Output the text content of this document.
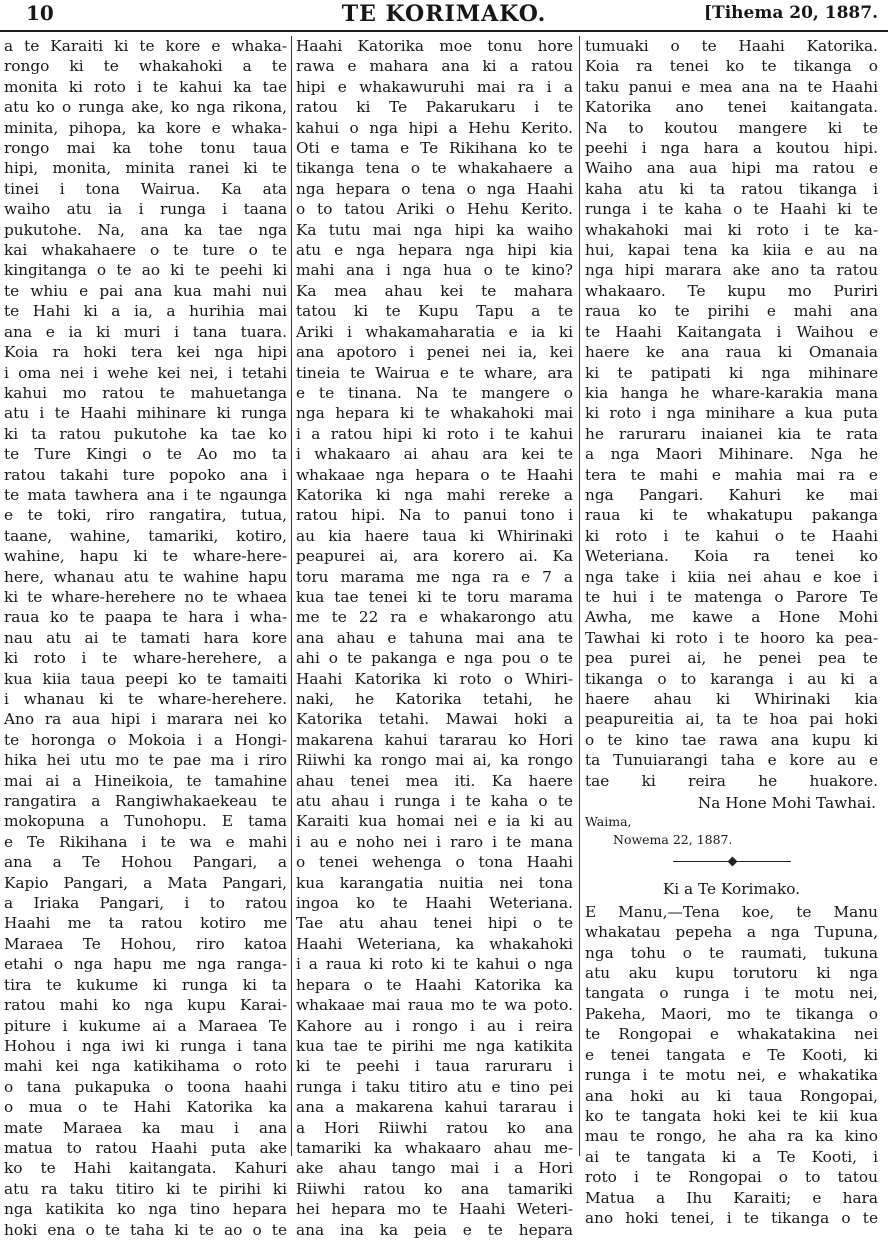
10	TE KORIMAKO.	[Tihema 20, 1887.
a te Karaiti ki te kore e whaka-
rongo ki te whakahoki a te
monita ki roto i te kahui ka tae
atu ko o runga ake, ko nga rikona,
minita, pihopa, ka kore e whaka-
rongo mai ka tohe tonu taua
hipi, monita, minita ranei ki te
tinei i tona Wairua. Ka ata
waiho atu ia i runga i taana
pukutohe. Na, ana ka tae nga
kai whakahaere o te ture o te
kingitanga o te ao ki te peehi ki
te whiu e pai ana kua mahi nui
te Hahi ki a ia, a hurihia mai
ana e ia ki muri i tana tuara.
Koia ra hoki tera kei nga hipi
i oma nei i wehe kei nei, i tetahi
kahui mo ratou te mahuetanga
atu i te Haahi mihinare ki runga
ki ta ratou pukutohe ka tae ko
te Ture Kingi o te Ao mo ta
ratou takahi ture popoko ana i
te mata tawhera ana i te ngaunga
e te toki, riro rangatira, tutua,
taane, wahine, tamariki, kotiro,
wahine, hapu ki te whare-here-
here, whanau atu te wahine hapu
ki te whare-herehere no te whaea
raua ko te paapa te hara i wha-
nau atu ai te tamati hara kore
ki roto i te whare-herehere, a
kua kiia taua peepi ko te tamaiti
i whanau ki te whare-herehere.
Ano ra aua hipi i marara nei ko
te horonga o Mokoia i a Hongi-
hika hei utu mo te pae ma i riro
mai ai a Hineikoia, te tamahine
rangatira a Rangiwhakaekeau te
mokopuna a Tunohopu. E tama
e Te Rikihana i te wa e mahi
ana a Te Hohou Pangari, a
Kapio Pangari, a Mata Pangari,
a Iriaka Pangari, i to ratou
Haahi me ta ratou kotiro me
Maraea Te Hohou, riro katoa
etahi o nga hapu me nga ranga-
tira te kukume ki runga ki ta
ratou mahi ko nga kupu Karai-
piture i kukume ai a Maraea Te
Hohou i nga iwi ki runga i tana
mahi kei nga katikihama o roto
o tana pukapuka o toona haahi
o mua o te Hahi Katorika ka
mate Maraea ka mau i ana
matua to ratou Haahi puta ake
ko te Hahi kaitangata. Kahuri
atu ra taku titiro ki te pirihi ki
nga katikita ko nga tino hepara
hoki ena o te taha ki te ao o te
Haahi Katorika moe tonu hore
rawa e mahara ana ki a ratou
hipi e whakawuruhi mai ra i a
ratou ki Te Pakarukaru i te
kahui o nga hipi a Hehu Kerito.
Oti e tama e Te Rikihana ko te
tikanga tena o te whakahaere a
nga hepara o tena o nga Haahi
o to tatou Ariki o Hehu Kerito.
Ka tutu mai nga hipi ka waiho
atu e nga hepara nga hipi kia
mahi ana i nga hua o te kino?
Ka mea ahau kei te mahara
tatou ki te Kupu Tapu a te
Ariki i whakamaharatia e ia ki
ana apotoro i penei nei ia, kei
tineia te Wairua e te whare, ara
e te tinana. Na te mangere o
nga hepara ki te whakahoki mai
i a ratou hipi ki roto i te kahui
i whakaaro ai ahau ara kei te
whakaae nga hepara o te Haahi
Katorika ki nga mahi rereke a
ratou hipi. Na to panui tono i
au kia haere taua ki Whirinaki
peapurei ai, ara korero ai. Ka
toru marama me nga ra e 7 a
kua tae tenei ki te toru marama
me te 22 ra e whakarongo atu
ana ahau e tahuna mai ana te
ahi o te pakanga e nga pou o te
Haahi Katorika ki roto o Whiri-
naki, he Katorika tetahi, he
Katorika tetahi. Mawai hoki a
makarena kahui tararau ko Hori
Riiwhi ka rongo mai ai, ka rongo
ahau tenei mea iti. Ka haere
atu ahau i runga i te kaha o te
Karaiti kua homai nei e ia ki au
i au e noho nei i raro i te mana
o tenei wehenga o tona Haahi
kua karangatia nuitia nei tona
ingoa ko te Haahi Weteriana.
Tae atu ahau tenei hipi o te
Haahi Weteriana, ka whakahoki
i a raua ki roto ki te kahui o nga
hepara o te Haahi Katorika ka
whakaae mai raua mo te wa poto.
Kahore au i rongo i au i reira
kua tae te pirihi me nga katikita
ki te peehi i taua raruraru i
runga i taku titiro atu e tino pei
ana a makarena kahui tararau i
a Hori Riiwhi ratou ko ana
tamariki ka whakaaro ahau me-
ake ahau tango mai i a Hori
Riiwhi ratou ko ana tamariki
hei hepara mo te Haahi Weteri-
ana ina ka peia e te hepara
tumuaki o te Haahi Katorika.
Koia ra tenei ko te tikanga o
taku panui e mea ana na te Haahi
Katorika ano tenei kaitangata.
Na to koutou mangere ki te
peehi i nga hara a koutou hipi.
Waiho ana aua hipi ma ratou e
kaha atu ki ta ratou tikanga i
runga i te kaha o te Haahi ki te
whakahoki mai ki roto i te ka-
hui, kapai tena ka kiia e au na
nga hipi marara ake ano ta ratou
whakaaro. Te kupu mo Puriri
raua ko te pirihi e mahi ana
te Haahi Kaitangata i Waihou e
haere ke ana raua ki Omanaia
ki te patipati ki nga mihinare
kia hanga he whare-karakia mana
ki roto i nga minihare a kua puta
he raruraru inaianei kia te rata
a nga Maori Mihinare. Nga he
tera te mahi e mahia mai ra e
nga Pangari. Kahuri ke mai
raua ki te whakatupu pakanga
ki roto i te kahui o te Haahi
Weteriana. Koia ra tenei ko
nga take i kiia nei ahau e koe i
te hui i te matenga o Parore Te
Awha, me kawe a Hone Mohi
Tawhai ki roto i te hooro ka pea-
pea purei ai, he penei pea te
tikanga o to karanga i au ki a
haere ahau ki Whirinaki kia
peapureitia ai, ta te hoa pai hoki
o te kino tae rawa ana kupu ki
ta Tunuiarangi taha e kore au e
tae ki reira he huakore.
Na Hone Mohi Tawhai.
Waima,
Nowema 22, 1887.
Ki a Te Korimako.
E Manu,—Tena koe, te Manu
whakatau pepeha a nga Tupuna,
nga tohu o te raumati, tukuna
atu aku kupu torutoru ki nga
tangata o runga i te motu nei,
Pakeha, Maori, mo te tikanga o
te Rongopai e whakatakina nei
e tenei tangata e Te Kooti, ki
runga i te motu nei, e whakatika
ana hoki au ki taua Rongopai,
ko te tangata hoki kei te kii kua
mau te rongo, he aha ra ka kino
ai te tangata ki a Te Kooti, i
roto i te Rongopai o to tatou
Matua a Ihu Karaiti; e hara
ano hoki tenei, i te tikanga o te
